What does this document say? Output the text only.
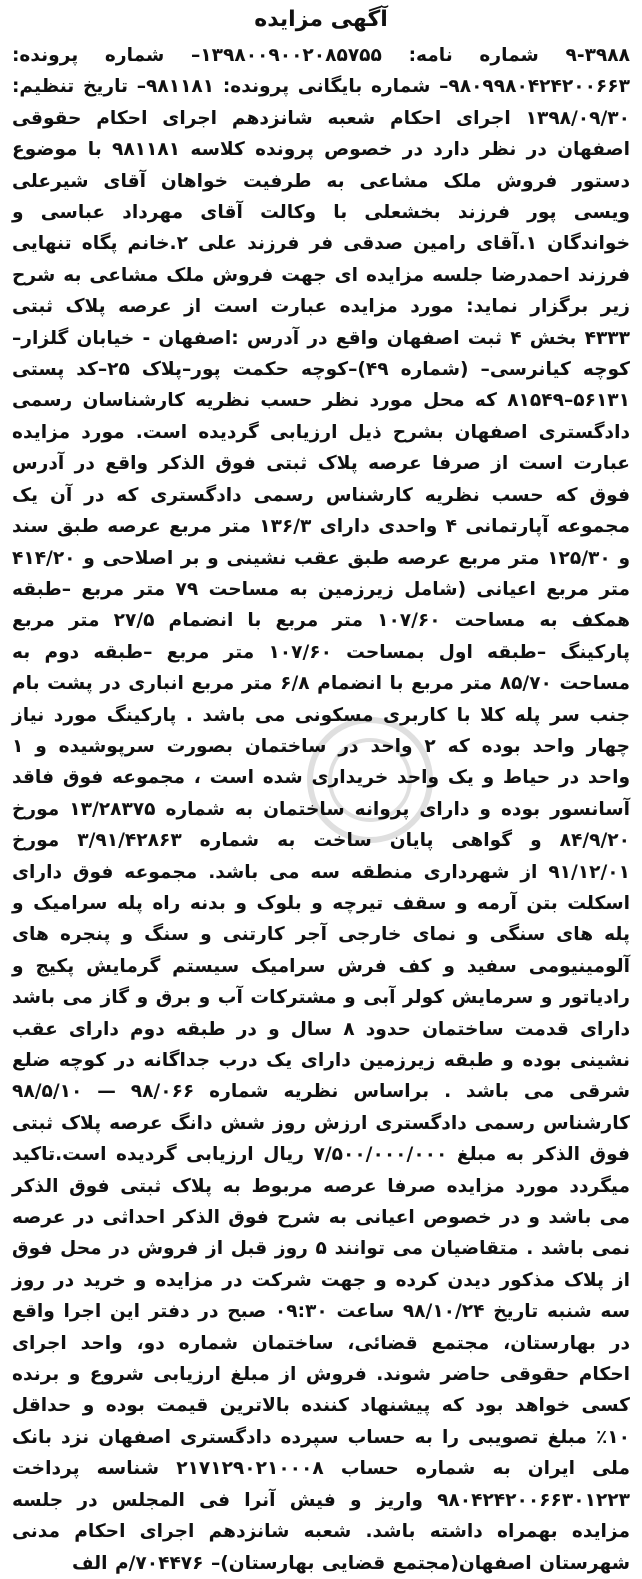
آگهی مزایده

۹-۳۹۸۸ شماره نامه: ۱۳۹۸۰۰۹۰۰۲۰۸۵۷۵۵– شماره پرونده: ۹۸۰۹۹۸۰۴۲۴۲۰۰۶۶۳– شماره بایگانی پرونده: ۹۸۱۱۸۱– تاریخ تنظیم: ۱۳۹۸/۰۹/۳۰ اجرای احکام شعبه شانزدهم اجرای احکام حقوقی اصفهان در نظر دارد در خصوص پرونده کلاسه ۹۸۱۱۸۱ با موضوع دستور فروش ملک مشاعی به طرفیت خواهان آقای شیرعلی ویسی پور فرزند بخشعلی با وکالت آقای مهرداد عباسی و خواندگان ۱.آقای رامین صدقی فر فرزند علی ۲.خانم پگاه تنهایی فرزند احمدرضا جلسه مزایده ای جهت فروش ملک مشاعی به شرح زیر برگزار نماید: مورد مزایده عبارت است از عرصه پلاک ثبتی ۴۳۳۳ بخش ۴ ثبت اصفهان واقع در آدرس :اصفهان - خیابان گلزار–کوچه کیانرسی– (شماره ۴۹)–کوچه حکمت پور–پلاک ۲۵–کد پستی ۵۶۱۳۱–۸۱۵۴۹ که محل مورد نظر حسب نظریه کارشناسان رسمی دادگستری اصفهان بشرح ذیل ارزیابی گردیده است. مورد مزایده عبارت است از صرفا عرصه پلاک ثبتی فوق الذکر واقع در آدرس فوق که حسب نظریه کارشناس رسمی دادگستری که در آن یک مجموعه آپارتمانی ۴ واحدی دارای ۱۳۶/۳ متر مربع عرصه طبق سند و ۱۲۵/۳۰ متر مربع عرصه طبق عقب نشینی و بر اصلاحی و ۴۱۴/۲۰ متر مربع اعیانی (شامل زیرزمین به مساحت ۷۹ متر مربع –طبقه همکف به مساحت ۱۰۷/۶۰ متر مربع با انضمام ۲۷/۵ متر مربع پارکینگ –طبقه اول بمساحت ۱۰۷/۶۰ متر مربع –طبقه دوم به مساحت ۸۵/۷۰ متر مربع با انضمام ۶/۸ متر مربع انباری در پشت بام جنب سر پله کلا با کاربری مسکونی می باشد . پارکینگ مورد نیاز چهار واحد بوده که ۲ واحد در ساختمان بصورت سرپوشیده و ۱ واحد در حیاط و یک واحد خریداری شده است ، مجموعه فوق فاقد آسانسور بوده و دارای پروانه ساختمان به شماره ۱۳/۲۸۳۷۵ مورخ ۸۴/۹/۲۰ و گواهی پایان ساخت به شماره ۳/۹۱/۴۲۸۶۳ مورخ ۹۱/۱۲/۰۱ از شهرداری منطقه سه می باشد. مجموعه فوق دارای اسکلت بتن آرمه و سقف تیرچه و بلوک و بدنه راه پله سرامیک و پله های سنگی و نمای خارجی آجر کارتنی و سنگ و پنجره های آلومینیومی سفید و کف فرش سرامیک سیستم گرمایش پکیج و رادیاتور و سرمایش کولر آبی و مشترکات آب و برق و گاز می باشد دارای قدمت ساختمان حدود ۸ سال و در طبقه دوم دارای عقب نشینی بوده و طبقه زیرزمین دارای یک درب جداگانه در کوچه ضلع شرقی می باشد . براساس نظریه شماره ۹۸/۰۶۶ — ۹۸/۵/۱۰ کارشناس رسمی دادگستری ارزش روز شش دانگ عرصه پلاک ثبتی فوق الذکر به مبلغ ۷/۵۰۰/۰۰۰/۰۰۰ ریال ارزیابی گردیده است.تاکید میگردد مورد مزایده صرفا عرصه مربوط به پلاک ثبتی فوق الذکر می باشد و در خصوص اعیانی به شرح فوق الذکر احداثی در عرصه نمی باشد . متقاضیان می توانند ۵ روز قبل از فروش در محل فوق از پلاک مذکور دیدن کرده و جهت شرکت در مزایده و خرید در روز سه شنبه تاریخ ۹۸/۱۰/۲۴ ساعت ۰۹:۳۰ صبح در دفتر این اجرا واقع در بهارستان، مجتمع قضائی، ساختمان شماره دو، واحد اجرای احکام حقوقی حاضر شوند. فروش از مبلغ ارزیابی شروع و برنده کسی خواهد بود که پیشنهاد کننده بالاترین قیمت بوده و حداقل ۱۰٪ مبلغ تصویبی را به حساب سپرده دادگستری اصفهان نزد بانک ملی ایران به شماره حساب ۲۱۷۱۲۹۰۲۱۰۰۰۸ شناسه پرداخت ۹۸۰۴۲۴۲۰۰۶۶۳۰۱۲۲۳ واریز و فیش آنرا فی المجلس در جلسه مزایده بهمراه داشته باشد. شعبه شانزدهم اجرای احکام مدنی شهرستان اصفهان(مجتمع قضایی بهارستان)– ۷۰۴۴۷۶/م الف
